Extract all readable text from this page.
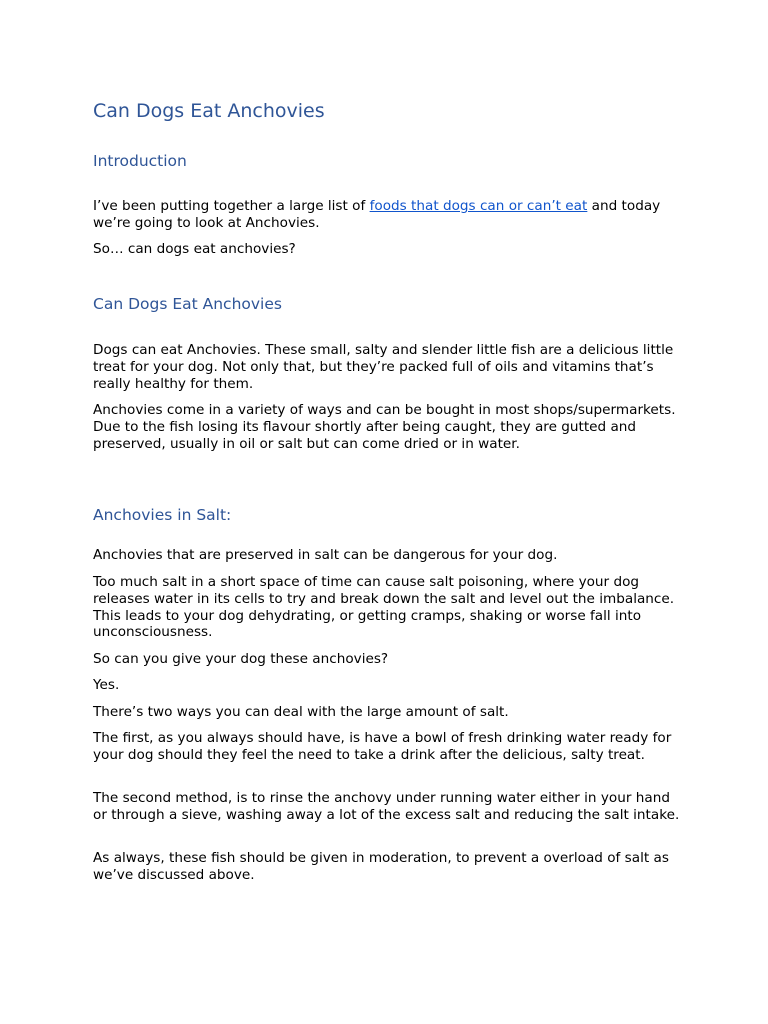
Can Dogs Eat Anchovies
Introduction

I’ve been putting together a large list of foods that dogs can or can’t eat and today we’re going to look at Anchovies.

So… can dogs eat anchovies?

Can Dogs Eat Anchovies

Dogs can eat Anchovies. These small, salty and slender little fish are a delicious little treat for your dog. Not only that, but they’re packed full of oils and vitamins that’s really healthy for them.

Anchovies come in a variety of ways and can be bought in most shops/supermarkets. Due to the fish losing its flavour shortly after being caught, they are gutted and preserved, usually in oil or salt but can come dried or in water.

Anchovies in Salt:

Anchovies that are preserved in salt can be dangerous for your dog.

Too much salt in a short space of time can cause salt poisoning, where your dog releases water in its cells to try and break down the salt and level out the imbalance. This leads to your dog dehydrating, or getting cramps, shaking or worse fall into unconsciousness.

So can you give your dog these anchovies?

Yes.

There’s two ways you can deal with the large amount of salt.

The first, as you always should have, is have a bowl of fresh drinking water ready for your dog should they feel the need to take a drink after the delicious, salty treat.

The second method, is to rinse the anchovy under running water either in your hand or through a sieve, washing away a lot of the excess salt and reducing the salt intake.

As always, these fish should be given in moderation, to prevent a overload of salt as we’ve discussed above.
